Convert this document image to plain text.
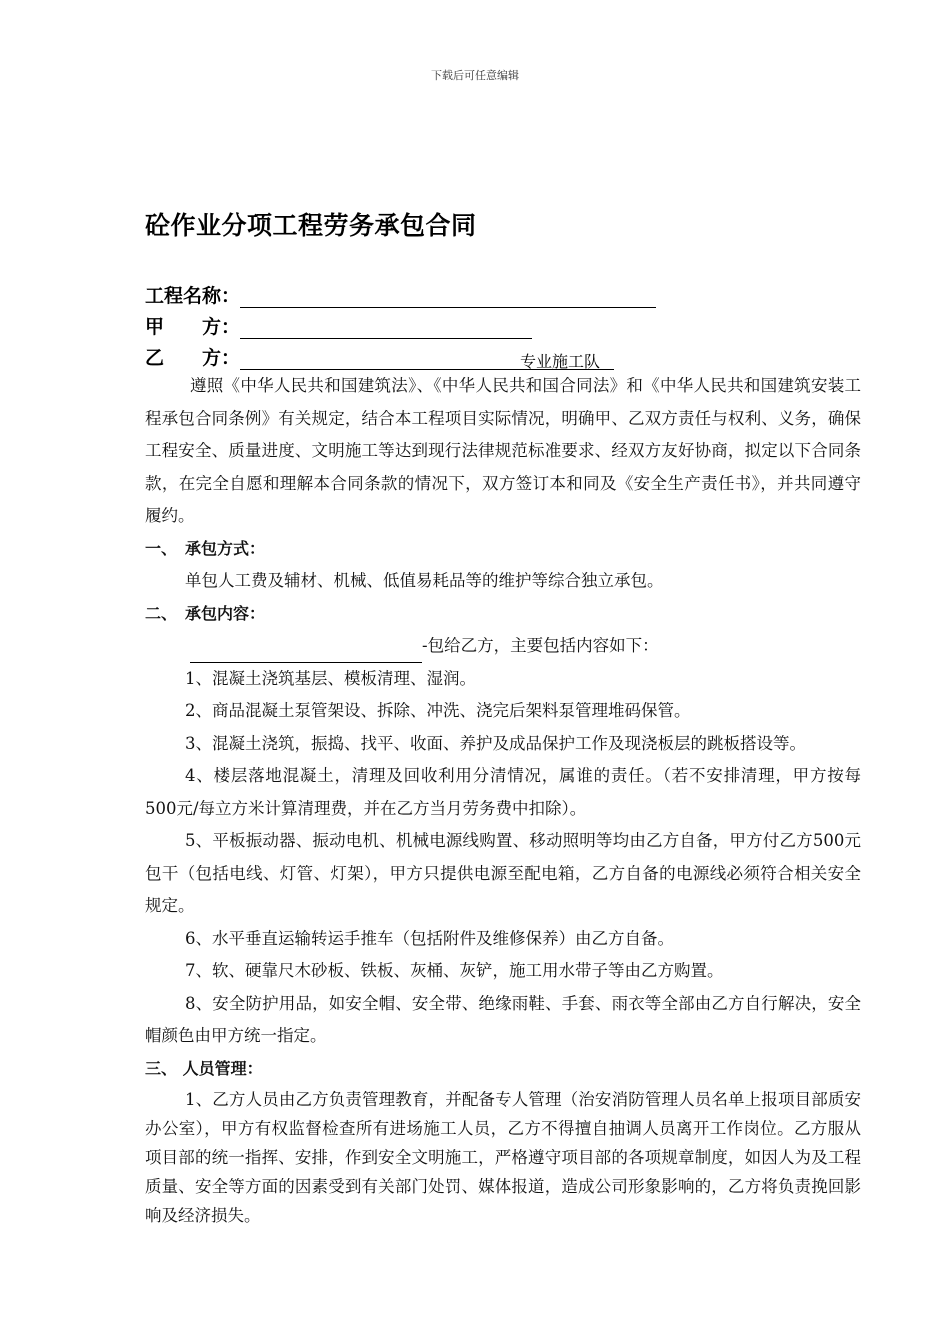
下载后可任意编辑
砼作业分项工程劳务承包合同
工程名称：
甲　　方：
乙　　方：	专业施工队

遵照《中华人民共和国建筑法》、《中华人民共和国合同法》和《中华人民共和国建筑安装工程承包合同条例》有关规定，结合本工程项目实际情况，明确甲、乙双方责任与权利、义务，确保工程安全、质量进度、文明施工等达到现行法律规范标准要求、经双方友好协商，拟定以下合同条款，在完全自愿和理解本合同条款的情况下，双方签订本和同及《安全生产责任书》，并共同遵守履约。

一、　承包方式：

单包人工费及辅材、机械、低值易耗品等的维护等综合独立承包。

二、　承包内容：

-包给乙方，主要包括内容如下：

1、混凝土浇筑基层、模板清理、湿润。

2、商品混凝土泵管架设、拆除、冲洗、浇完后架料泵管理堆码保管。

3、混凝土浇筑，振捣、找平、收面、养护及成品保护工作及现浇板层的跳板搭设等。

4、楼层落地混凝土，清理及回收利用分清情况，属谁的责任。（若不安排清理，甲方按每500元/每立方米计算清理费，并在乙方当月劳务费中扣除）。

5、平板振动器、振动电机、机械电源线购置、移动照明等均由乙方自备，甲方付乙方500元包干（包括电线、灯管、灯架），甲方只提供电源至配电箱，乙方自备的电源线必须符合相关安全规定。

6、水平垂直运输转运手推车（包括附件及维修保养）由乙方自备。

7、软、硬靠尺木砂板、铁板、灰桶、灰铲，施工用水带子等由乙方购置。

8、安全防护用品，如安全帽、安全带、绝缘雨鞋、手套、雨衣等全部由乙方自行解决，安全帽颜色由甲方统一指定。

三、 人员管理：

1、乙方人员由乙方负责管理教育，并配备专人管理（治安消防管理人员名单上报项目部质安办公室），甲方有权监督检查所有进场施工人员，乙方不得擅自抽调人员离开工作岗位。乙方服从项目部的统一指挥、安排，作到安全文明施工，严格遵守项目部的各项规章制度，如因人为及工程质量、安全等方面的因素受到有关部门处罚、媒体报道，造成公司形象影响的，乙方将负责挽回影响及经济损失。
